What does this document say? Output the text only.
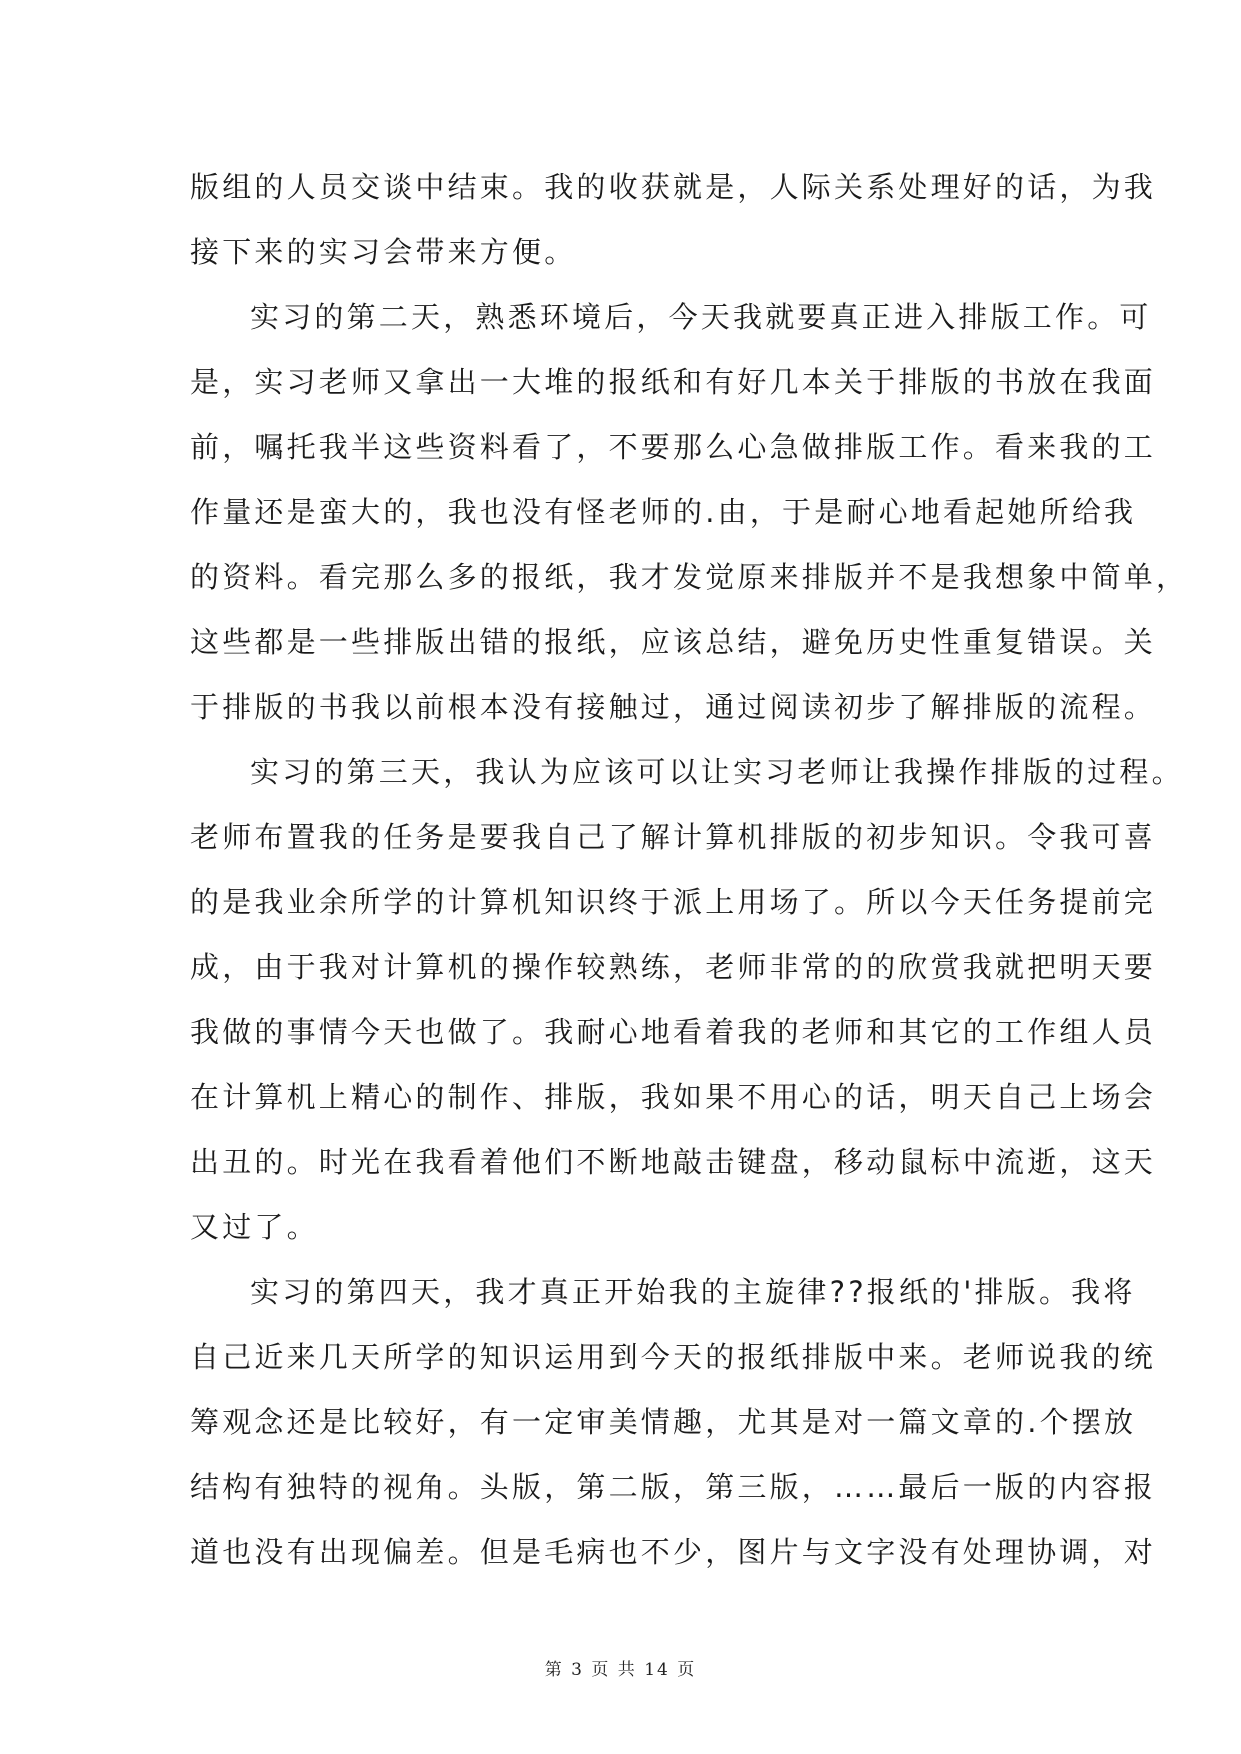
版组的人员交谈中结束。我的收获就是，人际关系处理好的话，为我
接下来的实习会带来方便。
实习的第二天，熟悉环境后，今天我就要真正进入排版工作。可
是，实习老师又拿出一大堆的报纸和有好几本关于排版的书放在我面
前，嘱托我半这些资料看了，不要那么心急做排版工作。看来我的工
作量还是蛮大的，我也没有怪老师的.由，于是耐心地看起她所给我
的资料。看完那么多的报纸，我才发觉原来排版并不是我想象中简单，
这些都是一些排版出错的报纸，应该总结，避免历史性重复错误。关
于排版的书我以前根本没有接触过，通过阅读初步了解排版的流程。
实习的第三天，我认为应该可以让实习老师让我操作排版的过程。
老师布置我的任务是要我自己了解计算机排版的初步知识。令我可喜
的是我业余所学的计算机知识终于派上用场了。所以今天任务提前完
成，由于我对计算机的操作较熟练，老师非常的的欣赏我就把明天要
我做的事情今天也做了。我耐心地看着我的老师和其它的工作组人员
在计算机上精心的制作、排版，我如果不用心的话，明天自己上场会
出丑的。时光在我看着他们不断地敲击键盘，移动鼠标中流逝，这天
又过了。
实习的第四天，我才真正开始我的主旋律??报纸的'排版。我将
自己近来几天所学的知识运用到今天的报纸排版中来。老师说我的统
筹观念还是比较好，有一定审美情趣，尤其是对一篇文章的.个摆放
结构有独特的视角。头版，第二版，第三版，……最后一版的内容报
道也没有出现偏差。但是毛病也不少，图片与文字没有处理协调，对
第 3 页 共 14 页
